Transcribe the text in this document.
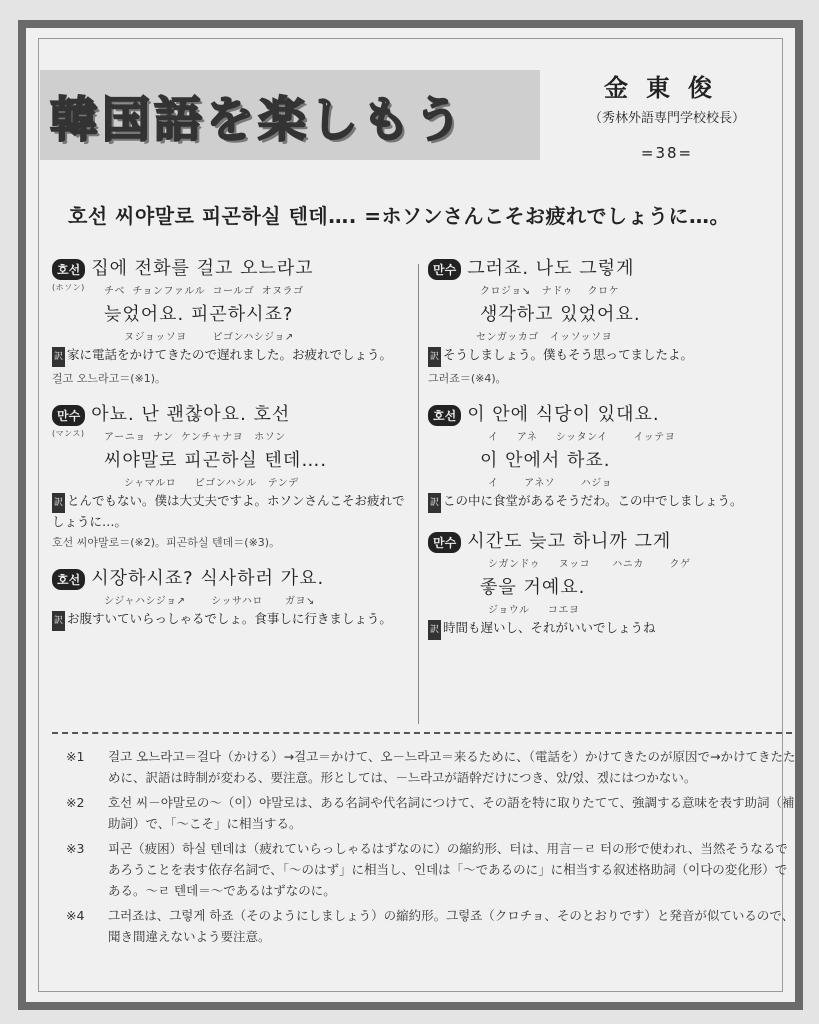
韓国語を楽しもう
金東俊
（秀林外語専門学校校長）
=38=
호선 씨야말로 피곤하실 텐데…. =ホソンさんこそお疲れでしょうに…。
호선 집에 전화를 걸고 오느라고
(ホソン)	チベ  チョンファルル  コールゴ  オヌラゴ
늦었어요. 피곤하시죠?
ヌジョッソヨ       ピゴンハシジョ↗
訳 家に電話をかけてきたので遅れました。お疲れでしょう。
걸고 오느라고＝(※1)。
만수 아뇨. 난 괜찮아요. 호선
(マンス)	アーニョ  ナン  ケンチャナヨ   ホソン
씨야말로 피곤하실 텐데….
シャマルロ     ピゴンハシル   テンデ
訳 とんでもない。僕は大丈夫ですよ。ホソンさんこそお疲れでしょうに…。
호선 씨야말로＝(※2)。피곤하실 텐데＝(※3)。
호선 시장하시죠? 식사하러 가요.
シジャハシジョ↗       シッサハロ      ガヨ↘
訳 お腹すいていらっしゃるでしょ。食事しに行きましょう。
만수 그러죠. 나도 그렇게
クロジョ↘   ナドゥ    クロケ
생각하고 있었어요.
センガッカゴ   イッソッソヨ
訳 そうしましょう。僕もそう思ってましたよ。
그러죠＝(※4)。
호선 이 안에 식당이 있대요.
イ     アネ     シッタンイ       イッテヨ
이 안에서 하죠.
イ       アネソ       ハジョ
訳 この中に食堂があるそうだわ。この中でしましょう。
만수 시간도 늦고 하니까 그게
シガンドゥ     ヌッコ      ハニカ       クゲ
좋을 거예요.
ジョウル     コエヨ
訳 時間も遅いし、それがいいでしょうね
※1	걸고 오느라고＝걸다（かける）→걸고＝かけて、오－느라고＝来るために、（電話を）かけてきたのが原因で→かけてきたために、訳語は時制が変わる、要注意。形としては、－느라고が語幹だけにつき、았/었、겠にはつかない。
※2	호선 씨－야말로の～（이）야말로は、ある名詞や代名詞につけて、その語を特に取りたてて、強調する意味を表す助詞（補助詞）で、「～こそ」に相当する。
※3	피곤（疲困）하실 텐데は（疲れていらっしゃるはずなのに）の縮約形、터は、用言－ㄹ 터の形で使われ、当然そうなるであろうことを表す依存名詞で、「～のはず」に相当し、인데は「～であるのに」に相当する叙述格助詞（이다の変化形）である。～ㄹ 텐데＝～であるはずなのに。
※4	그러죠は、그렇게 하죠（そのようにしましょう）の縮約形。그렇죠（クロチョ、そのとおりです）と発音が似ているので、聞き間違えないよう要注意。
